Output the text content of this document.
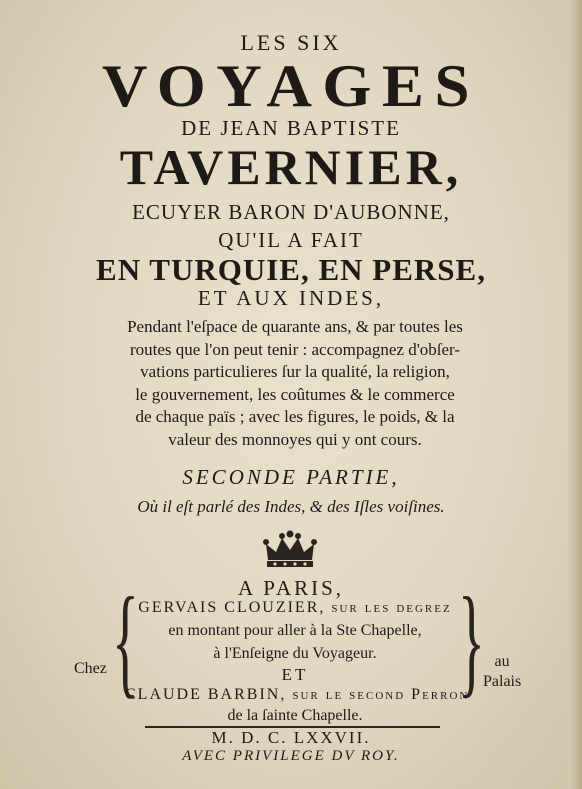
LES SIX
VOYAGES
DE JEAN BAPTISTE
TAVERNIER,
ECUYER BARON D'AUBONNE,
QU'IL A FAIT
EN TURQUIE, EN PERSE,
ET AUX INDES,
Pendant l'eſpace de quarante ans, & par toutes les
routes que l'on peut tenir : accompagnez d'obſer-
vations particulieres ſur la qualité, la religion,
le gouvernement, les coûtumes & le commerce
de chaque païs ; avec les figures, le poids, & la
valeur des monnoyes qui y ont cours.
SECONDE PARTIE,
Où il eſt parlé des Indes, & des Iſles voiſines.
A PARIS,
{	}
GERVAIS CLOUZIER, ſur les degrez
en montant pour aller à la Ste Chapelle,
à l'Enſeigne du Voyageur.
ET
CLAUDE BARBIN, ſur le ſecond Perron
de la ſainte Chapelle.
Chez	au
Palais
M. D. C. LXXVII.
AVEC PRIVILEGE DV ROY.
